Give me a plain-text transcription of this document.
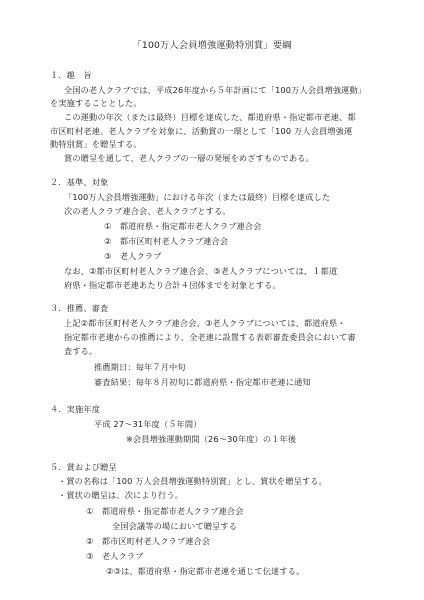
「100万人会員増強運動特別賞」要綱
１．趣　旨
全国の老人クラブでは、平成26年度から５年計画にて「100万人会員増強運動」
を実施することとした。
この運動の年次（または最終）目標を達成した、都道府県・指定都市老連、都
市区町村老連、老人クラブを対象に、活動賞の一環として「100 万人会員増強運
動特別賞」を贈呈する。
賞の贈呈を通して、老人クラブの一層の発展をめざすものである。
２．基準、対象
「100万人会員増強運動」における年次（または最終）目標を達成した
次の老人クラブ連合会、老人クラブとする。
①　都道府県・指定都市老人クラブ連合会
②　都市区町村老人クラブ連合会
③　老人クラブ
なお、②都市区町村老人クラブ連合会、③老人クラブについては、１都道
府県・指定都市老連あたり合計４団体までを対象とする。
３．推薦、審査
上記②都市区町村老人クラブ連合会、③老人クラブについては、都道府県・
指定都市老連からの推薦により、全老連に設置する表彰審査委員会において審
査する。
推薦期日：毎年７月中旬
審査結果：毎年８月初旬に都道府県・指定都市老連に通知
４．実施年度
平成 27～31年度（５年間）
※会員増強運動期間（26～30年度）の１年後
５．賞および贈呈
・賞の名称は「100 万人会員増強運動特別賞」とし、賞状を贈呈する。
・賞状の贈呈は、次により行う。
①　都道府県・指定都市老人クラブ連合会
全国会議等の場において贈呈する
②　都市区町村老人クラブ連合会
③　老人クラブ
②③は、都道府県・指定都市老連を通じて伝達する。
